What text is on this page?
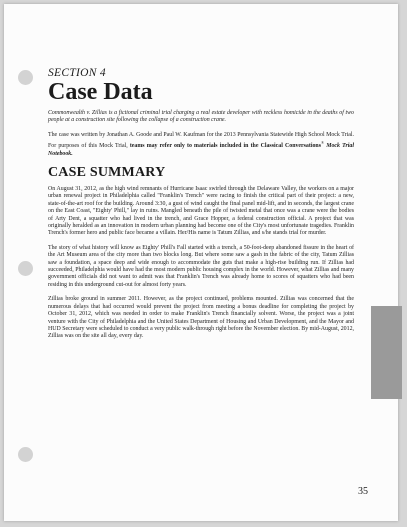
SECTION 4
Case Data

Commonwealth v. Zillias is a fictional criminal trial charging a real estate developer with reckless homicide in the deaths of two people at a construction site following the collapse of a construction crane.

The case was written by Jonathan A. Goode and Paul W. Kaufman for the 2013 Pennsylvania Statewide High School Mock Trial. For purposes of this Mock Trial, teams may refer only to materials included in the Classical Conversations® Mock Trial Notebook.

CASE SUMMARY

On August 31, 2012, as the high wind remnants of Hurricane Isaac swirled through the Delaware Valley, the workers on a major urban renewal project in Philadelphia called "Franklin's Trench" were racing to finish the critical part of their project: a new, state-of-the-art roof for the building. Around 3:30, a gust of wind caught the final panel mid-lift, and in seconds, the largest crane on the East Coast, "Eighty' Phill," lay in ruins. Mangled beneath the pile of twisted metal that once was a crane were the bodies of Arty Dent, a squatter who had lived in the trench, and Grace Hopper, a federal construction official. A project that was originally heralded as an innovation in modern urban planning had become one of the City's most unfortunate tragedies. Franklin Trench's former hero and public face became a villain. Her/His name is Tatum Zillias, and s/he stands trial for murder.

The story of what history will know as Eighty' Phill's Fall started with a trench, a 50-foot-deep abandoned fissure in the heart of the Art Museum area of the city more than two blocks long. But where some saw a gash in the fabric of the city, Tatum Zillias saw a foundation, a space deep and wide enough to accommodate the guts that make a high-rise building run. If Zillias had succeeded, Philadelphia would have had the most modern public housing complex in the world. However, what Zillias and many government officials did not want to admit was that Franklin's Trench was already home to scores of squatters who had been residing in this underground cut-out for almost forty years.

Zillias broke ground in summer 2011. However, as the project continued, problems mounted. Zillias was concerned that the numerous delays that had occurred would prevent the project from meeting a bonus deadline for completing the project by October 31, 2012, which was needed in order to make Franklin's Trench financially solvent. Worse, the project was a joint venture with the City of Philadelphia and the United States Department of Housing and Urban Development, and the Mayor and HUD Secretary were scheduled to conduct a very public walk-through right before the November election. By mid-August, 2012, Zillias was on the site all day, every day.

35
